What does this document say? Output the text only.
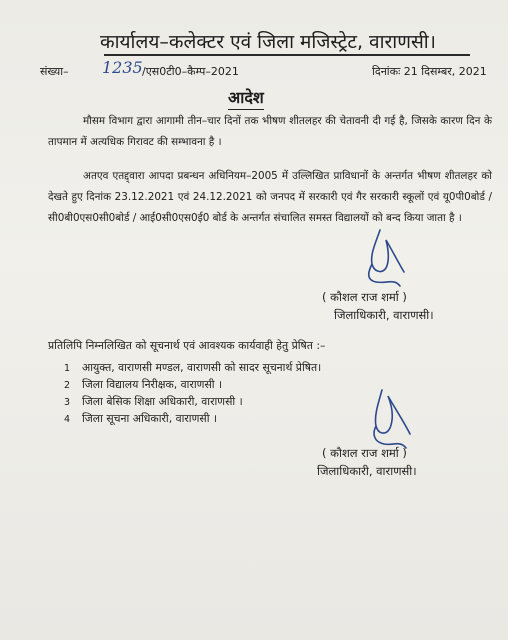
कार्यालय–कलेक्टर एवं जिला मजिस्ट्रेट, वाराणसी।
संख्या– 1235 /एस0टी0–कैम्प–2021	दिनांकः 21 दिसम्बर, 2021
आदेश

मौसम विभाग द्वारा आगामी तीन–चार दिनों तक भीषण शीतलहर की चेतावनी दी गई है, जिसके कारण दिन के तापमान में अत्यधिक गिरावट की सम्भावना है ।

अतएव एतद्द्वारा आपदा प्रबन्धन अधिनियम–2005 में उल्लिखित प्राविधानों के अन्तर्गत भीषण शीतलहर को देखते हुए दिनांक 23.12.2021 एवं 24.12.2021 को जनपद में सरकारी एवं गैर सरकारी स्कूलों एवं यू0पी0बोर्ड / सी0बी0एस0सी0बोर्ड / आई0सी0एस0ई0 बोर्ड के अन्तर्गत संचालित समस्त विद्यालयों को बन्द किया जाता है ।

( कौशल राज शर्मा )
जिलाधिकारी, वाराणसी।
प्रतिलिपि निम्नलिखित को सूचनार्थ एवं आवश्यक कार्यवाही हेतु प्रेषित :–
1 आयुक्त, वाराणसी मण्डल, वाराणसी को सादर सूचनार्थ प्रेषित।
2 जिला विद्यालय निरीक्षक, वाराणसी ।
3 जिला बेसिक शिक्षा अधिकारी, वाराणसी ।
4 जिला सूचना अधिकारी, वाराणसी ।
( कौशल राज शर्मा )
जिलाधिकारी, वाराणसी।
